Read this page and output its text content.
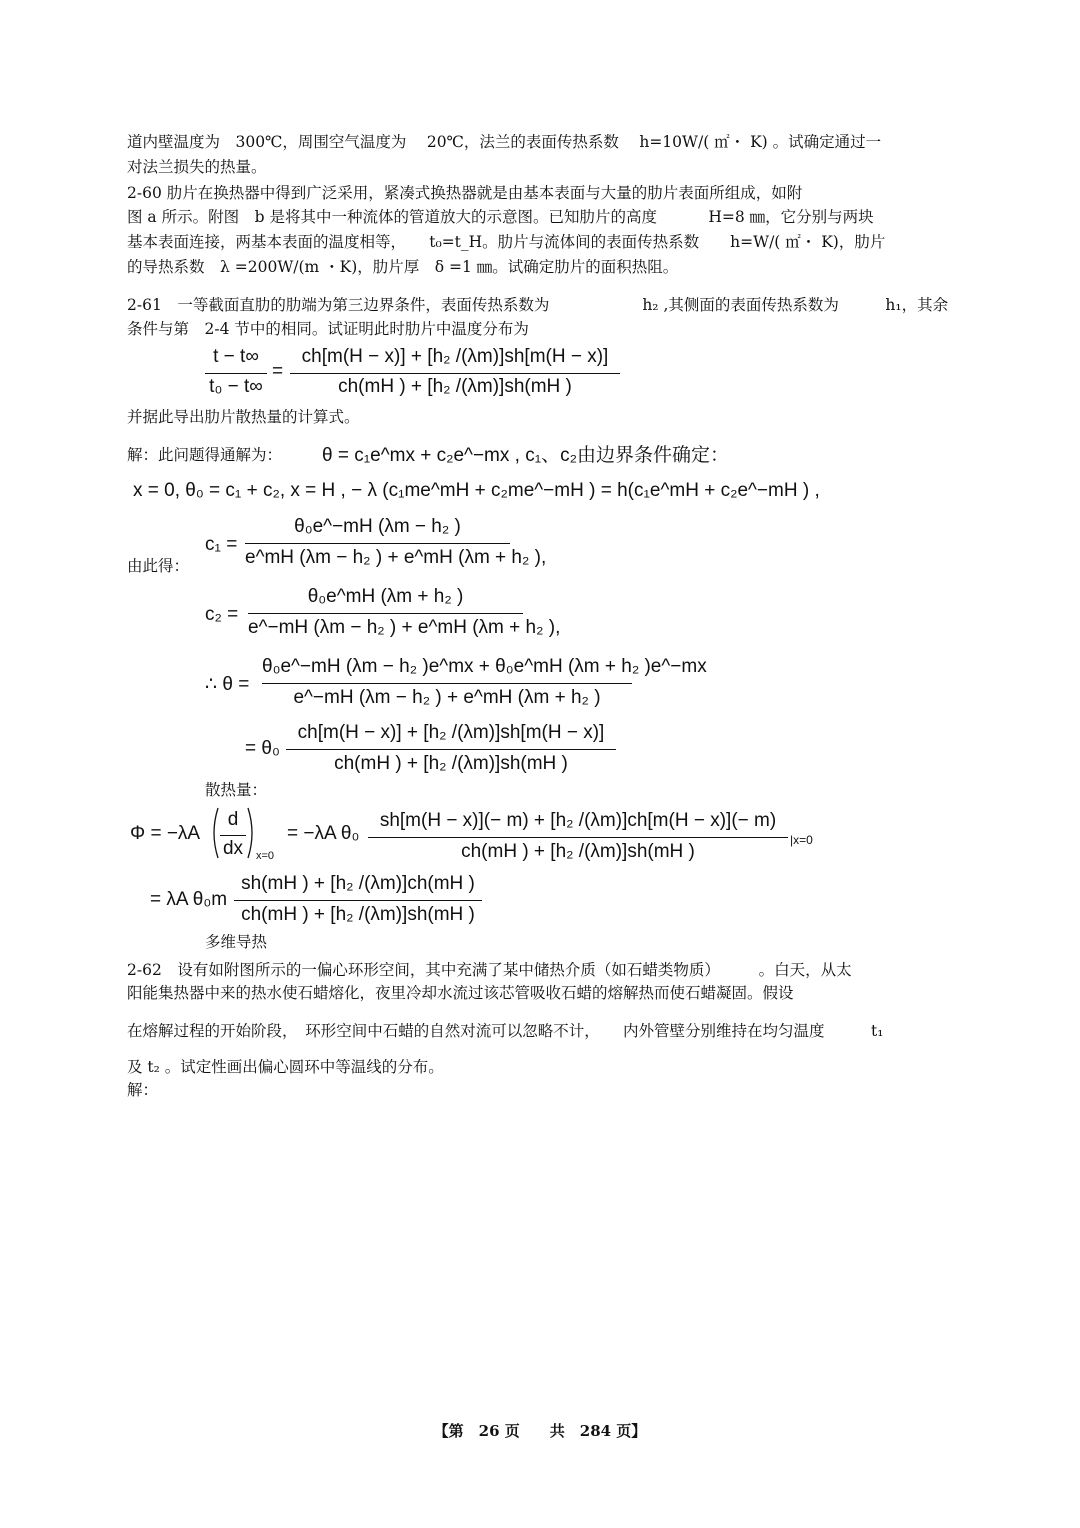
道内壁温度为　300℃，周围空气温度为　 20℃，法兰的表面传热系数　 h=10W/( ㎡・ K) 。试确定通过一
对法兰损失的热量。
2-60 肋片在换热器中得到广泛采用，紧凑式换热器就是由基本表面与大量的肋片表面所组成，如附
图 a 所示。附图　b 是将其中一种流体的管道放大的示意图。已知肋片的高度　　　 H=8 ㎜，它分别与两块
基本表面连接，两基本表面的温度相等，　　t₀=t_H。肋片与流体间的表面传热系数　　h=W/( ㎡・ K)，肋片
的导热系数　λ =200W/(m ・K)，肋片厚　δ =1 ㎜。试确定肋片的面积热阻。
2-61　一等截面直肋的肋端为第三边界条件，表面传热系数为　　　　　　h₂ ,其侧面的表面传热系数为　　　h₁，其余
条件与第　2-4 节中的相同。试证明此时肋片中温度分布为
t − t∞
t₀ − t∞
=
ch[m(H − x)] + [h₂ /(λm)]sh[m(H − x)]
ch(mH ) + [h₂ /(λm)]sh(mH )
并据此导出肋片散热量的计算式。
解：此问题得通解为： θ = c₁e^mx + c₂e^−mx , c₁、c₂由边界条件确定：
x = 0, θ₀ = c₁ + c₂, x = H , − λ (c₁me^mH + c₂me^−mH ) = h(c₁e^mH + c₂e^−mH ) ,
由此得：
c₁ =
θ₀e^−mH (λm − h₂ )
e^mH (λm − h₂ ) + e^mH (λm + h₂ ),
c₂ =
θ₀e^mH (λm + h₂ )
e^−mH (λm − h₂ ) + e^mH (λm + h₂ ),
∴ θ =
θ₀e^−mH (λm − h₂ )e^mx + θ₀e^mH (λm + h₂ )e^−mx
e^−mH (λm − h₂ ) + e^mH (λm + h₂ )
= θ₀
ch[m(H − x)] + [h₂ /(λm)]sh[m(H − x)]
ch(mH ) + [h₂ /(λm)]sh(mH )
散热量：
Φ = −λA
d
dx x=0
= −λA θ₀
sh[m(H − x)](− m) + [h₂ /(λm)]ch[m(H − x)](− m)
ch(mH ) + [h₂ /(λm)]sh(mH )
|x=0
= λA θ₀m
sh(mH ) + [h₂ /(λm)]ch(mH )
ch(mH ) + [h₂ /(λm)]sh(mH )
多维导热
2-62　设有如附图所示的一偏心环形空间，其中充满了某中储热介质（如石蜡类物质）　　　。白天，从太
阳能集热器中来的热水使石蜡熔化，夜里冷却水流过该芯管吸收石蜡的熔解热而使石蜡凝固。假设
在熔解过程的开始阶段，　环形空间中石蜡的自然对流可以忽略不计，　　内外管壁分别维持在均匀温度　　　t₁
及 t₂ 。试定性画出偏心圆环中等温线的分布。
解：
【第　26 页　　共　284 页】
